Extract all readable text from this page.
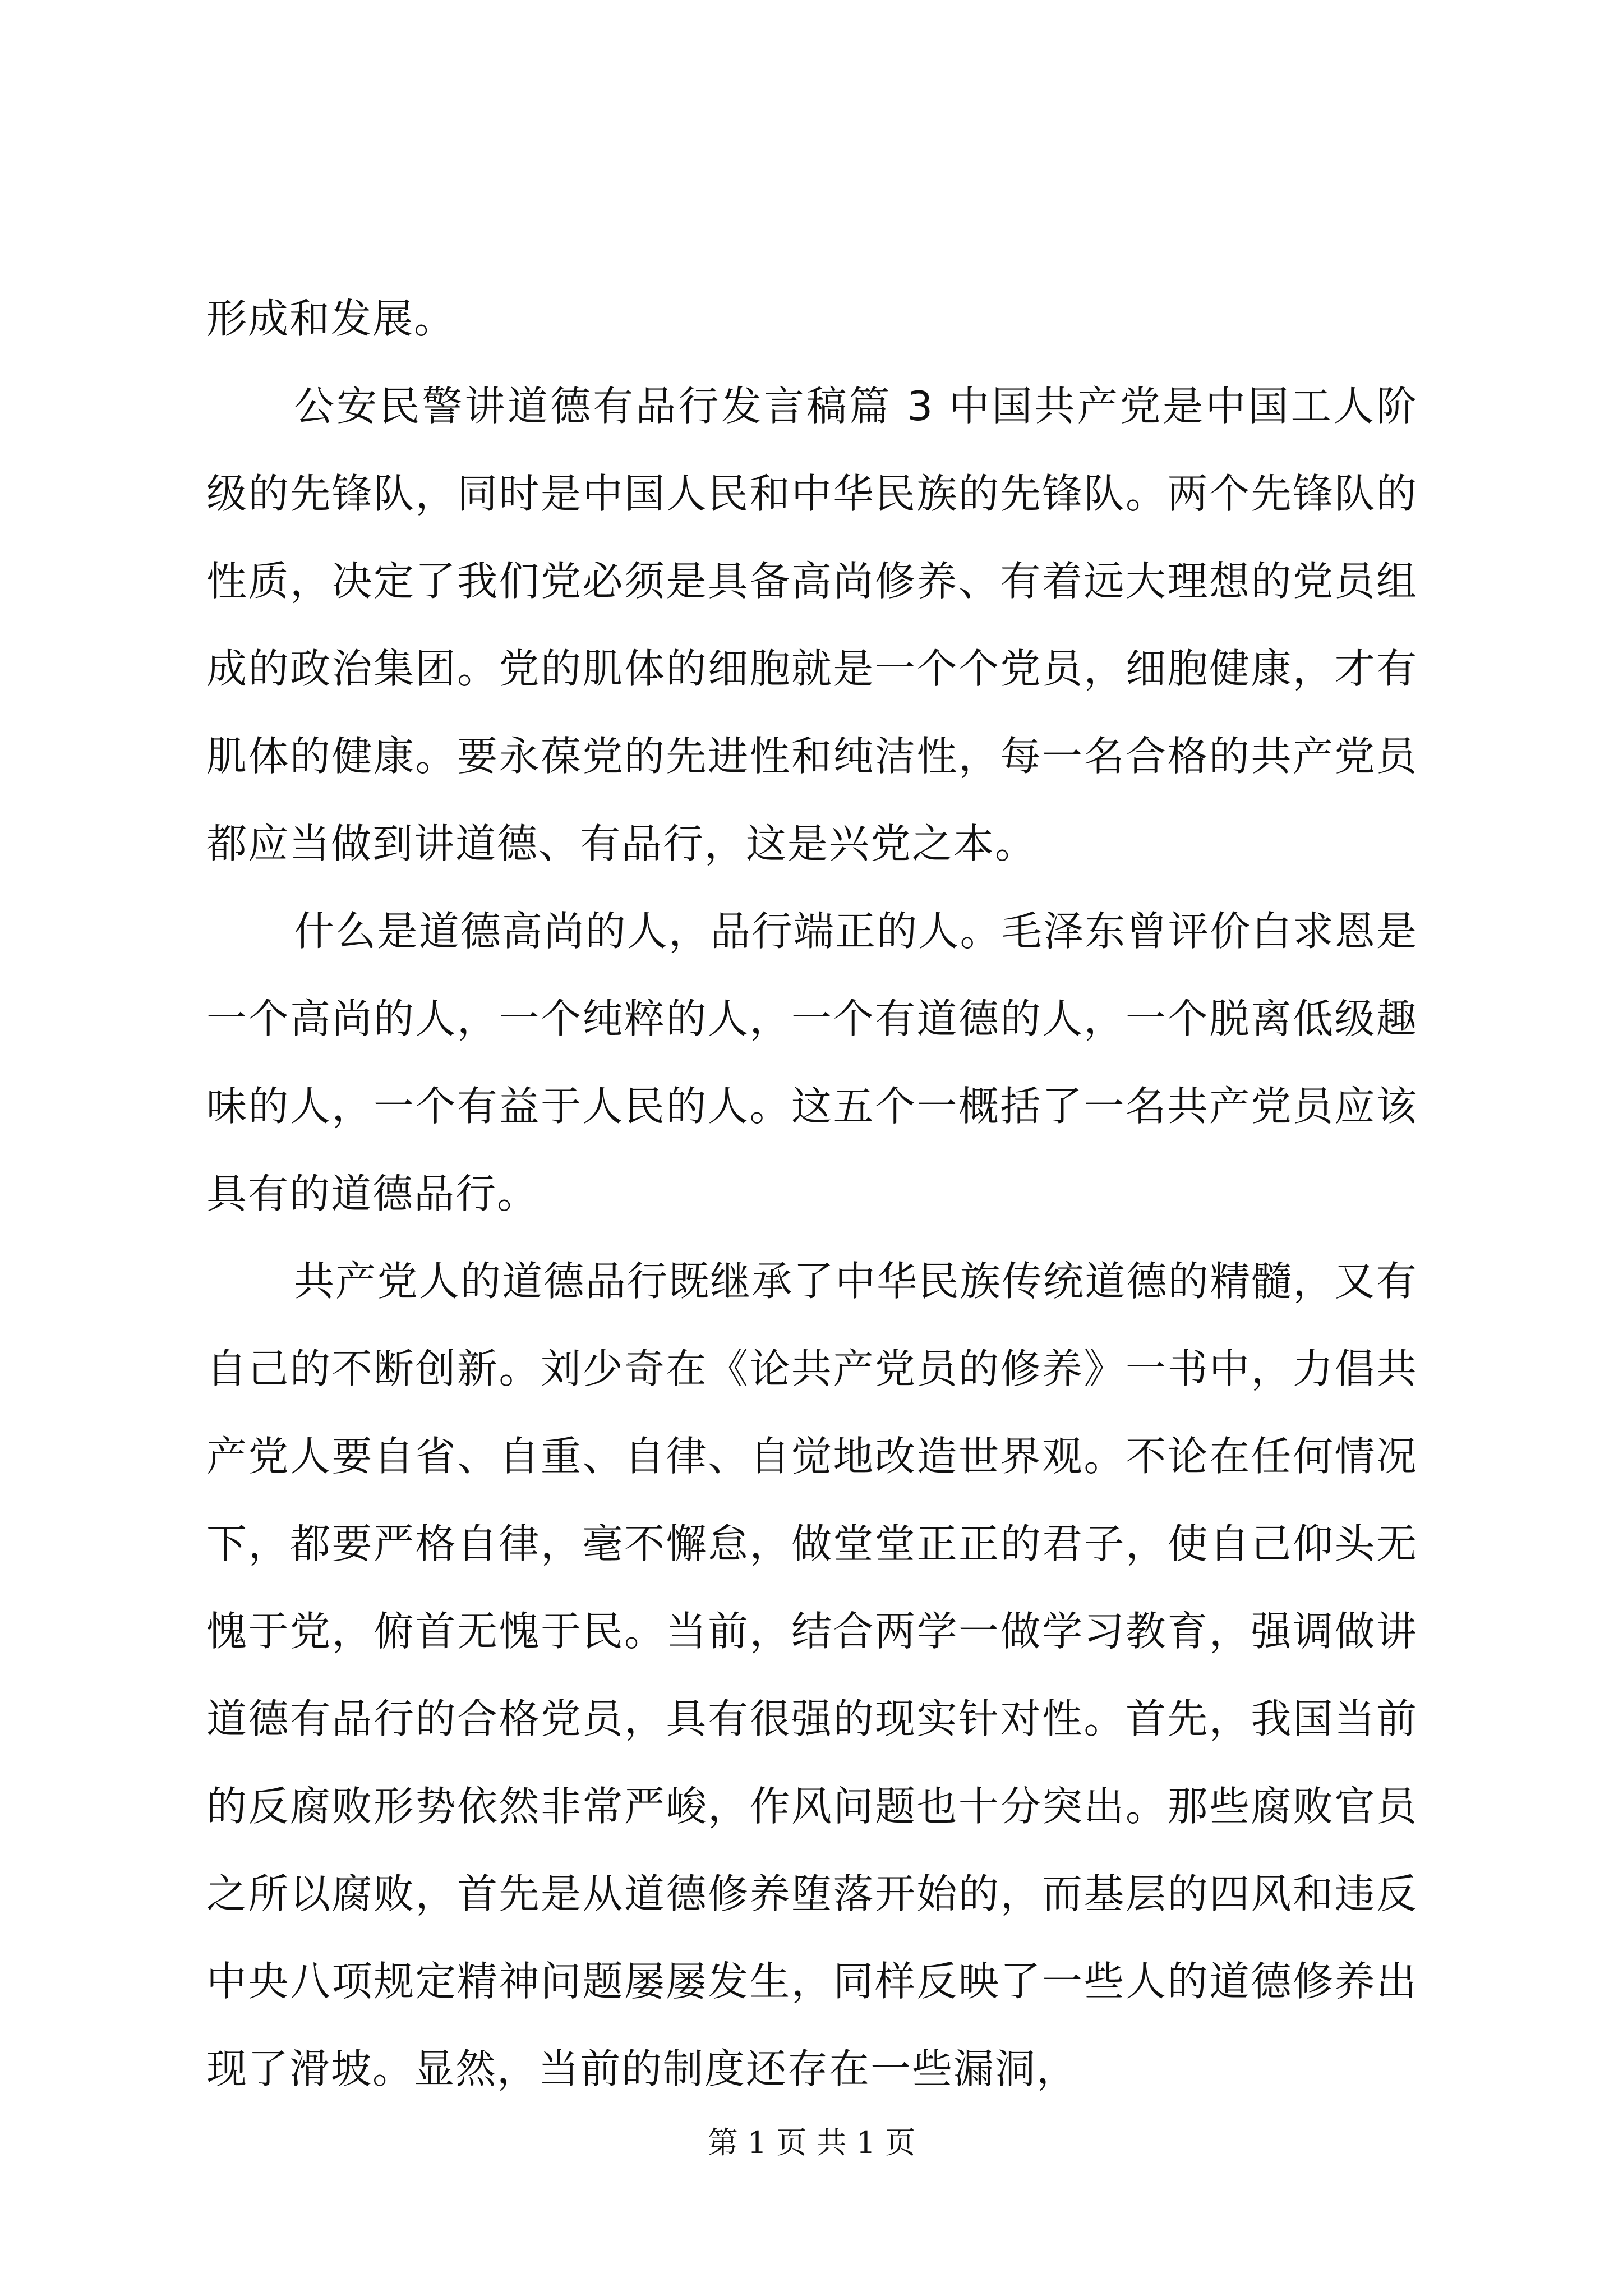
形成和发展。

公安民警讲道德有品行发言稿篇 3 中国共产党是中国工人阶级的先锋队，同时是中国人民和中华民族的先锋队。两个先锋队的性质，决定了我们党必须是具备高尚修养、有着远大理想的党员组成的政治集团。党的肌体的细胞就是一个个党员，细胞健康，才有肌体的健康。要永葆党的先进性和纯洁性，每一名合格的共产党员都应当做到讲道德、有品行，这是兴党之本。

什么是道德高尚的人，品行端正的人。毛泽东曾评价白求恩是一个高尚的人，一个纯粹的人，一个有道德的人，一个脱离低级趣味的人，一个有益于人民的人。这五个一概括了一名共产党员应该具有的道德品行。

共产党人的道德品行既继承了中华民族传统道德的精髓，又有自己的不断创新。刘少奇在《论共产党员的修养》一书中，力倡共产党人要自省、自重、自律、自觉地改造世界观。不论在任何情况下，都要严格自律，毫不懈怠，做堂堂正正的君子，使自己仰头无愧于党，俯首无愧于民。当前，结合两学一做学习教育，强调做讲道德有品行的合格党员，具有很强的现实针对性。首先，我国当前的反腐败形势依然非常严峻，作风问题也十分突出。那些腐败官员之所以腐败，首先是从道德修养堕落开始的，而基层的四风和违反中央八项规定精神问题屡屡发生，同样反映了一些人的道德修养出现了滑坡。显然，当前的制度还存在一些漏洞，

第 1 页 共 1 页
